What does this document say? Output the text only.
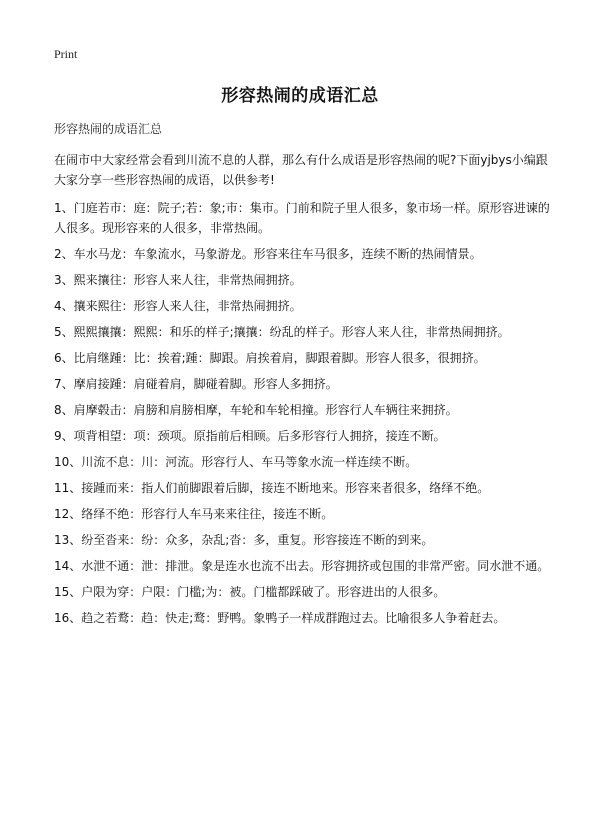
Print
形容热闹的成语汇总
形容热闹的成语汇总

在闹市中大家经常会看到川流不息的人群，那么有什么成语是形容热闹的呢?下面yjbys小编跟大家分享一些形容热闹的成语，以供参考!

1、门庭若市：庭：院子;若：象;市：集市。门前和院子里人很多，象市场一样。原形容进谏的人很多。现形容来的人很多，非常热闹。

2、车水马龙：车象流水，马象游龙。形容来往车马很多，连续不断的热闹情景。

3、熙来攘往：形容人来人往，非常热闹拥挤。

4、攘来熙往：形容人来人往，非常热闹拥挤。

5、熙熙攘攘：熙熙：和乐的样子;攘攘：纷乱的样子。形容人来人往，非常热闹拥挤。

6、比肩继踵：比：挨着;踵：脚跟。肩挨着肩，脚跟着脚。形容人很多，很拥挤。

7、摩肩接踵：肩碰着肩，脚碰着脚。形容人多拥挤。

8、肩摩毂击：肩膀和肩膀相摩，车轮和车轮相撞。形容行人车辆往来拥挤。

9、项背相望：项：颈项。原指前后相顾。后多形容行人拥挤，接连不断。

10、川流不息：川：河流。形容行人、车马等象水流一样连续不断。

11、接踵而来：指人们前脚跟着后脚，接连不断地来。形容来者很多，络绎不绝。

12、络绎不绝：形容行人车马来来往往，接连不断。

13、纷至沓来：纷：众多，杂乱;沓：多，重复。形容接连不断的到来。

14、水泄不通：泄：排泄。象是连水也流不出去。形容拥挤或包围的非常严密。同水泄不通。

15、户限为穿：户限：门槛;为：被。门槛都踩破了。形容进出的人很多。

16、趋之若鹜：趋：快走;鹜：野鸭。象鸭子一样成群跑过去。比喻很多人争着赶去。
